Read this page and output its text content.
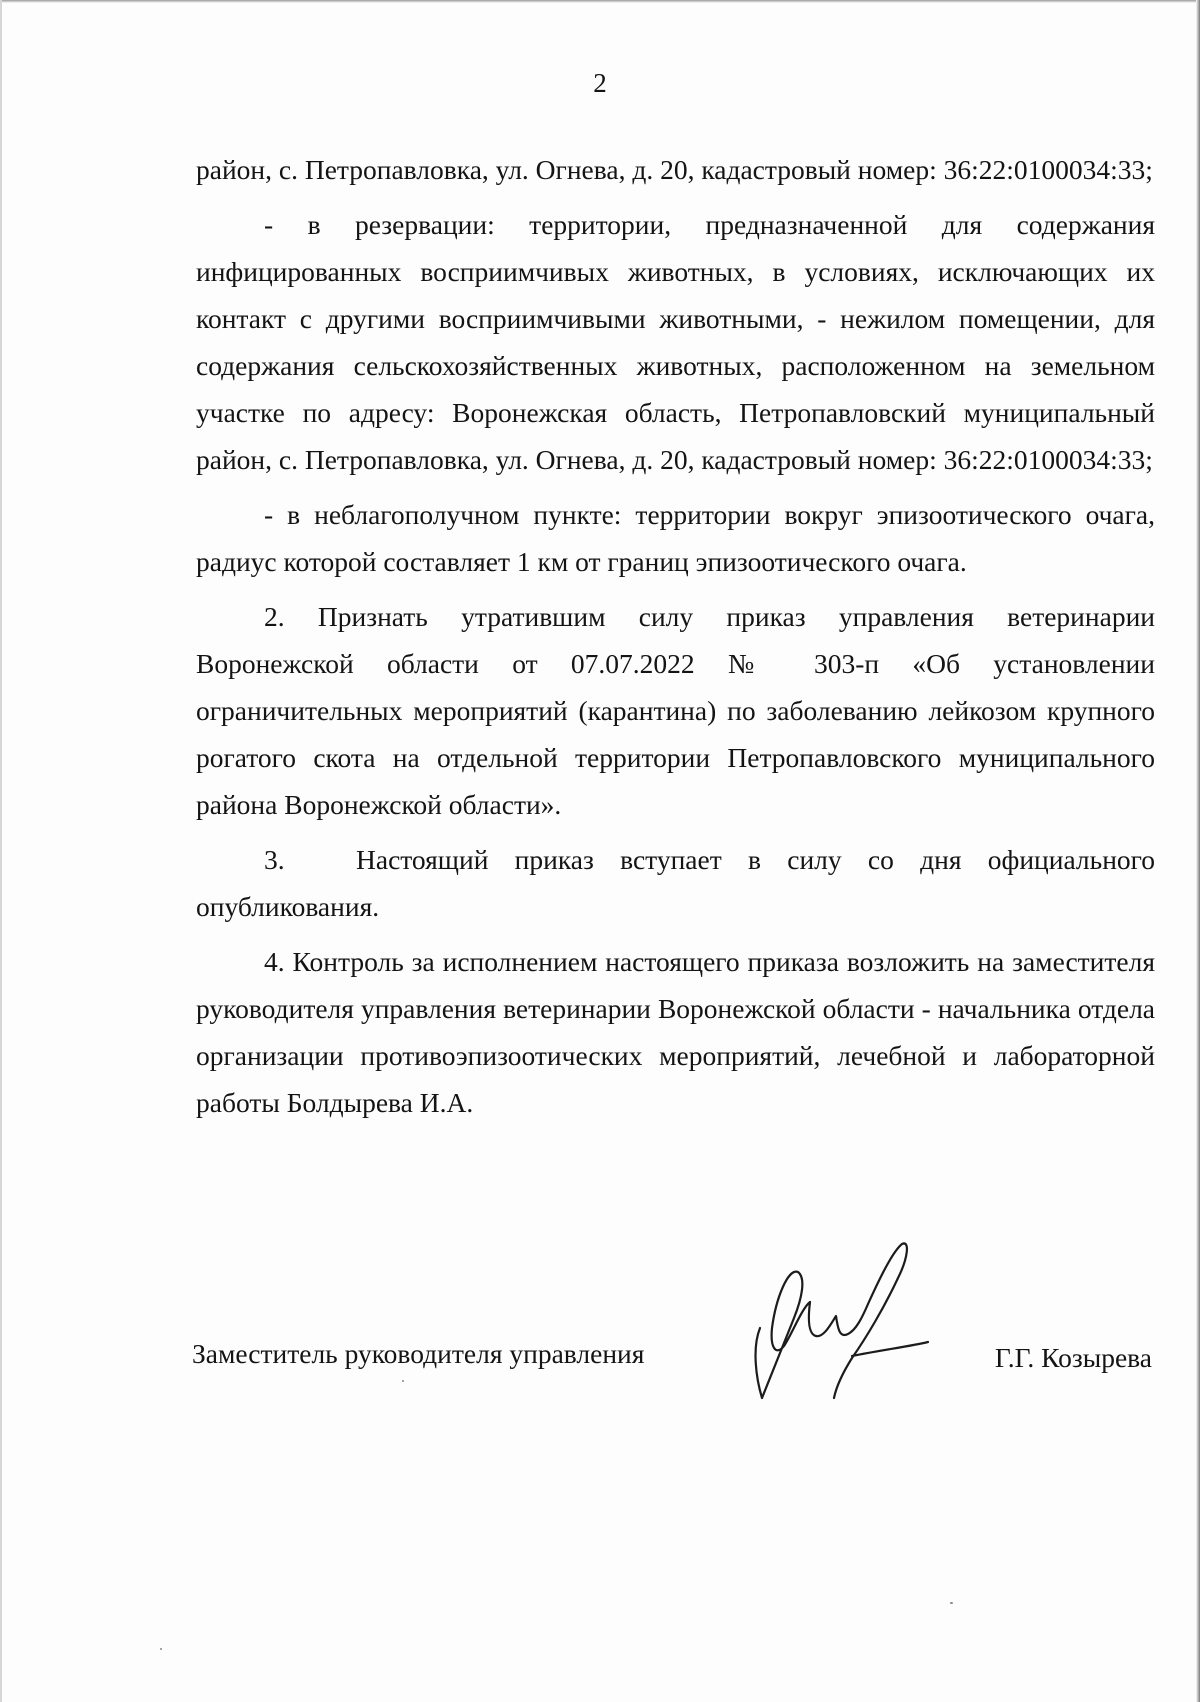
2

район, с. Петропавловка, ул. Огнева, д. 20, кадастровый номер: 36:22:0100034:33;

- в резервации: территории, предназначенной для содержания инфицированных восприимчивых животных, в условиях, исключающих их контакт с другими восприимчивыми животными, - нежилом помещении, для содержания сельскохозяйственных животных, расположенном на земельном участке по адресу: Воронежская область, Петропавловский муниципальный район, с. Петропавловка, ул. Огнева, д. 20, кадастровый номер: 36:22:0100034:33;

- в неблагополучном пункте: территории вокруг эпизоотического очага, радиус которой составляет 1 км от границ эпизоотического очага.

2. Признать утратившим силу приказ управления ветеринарии Воронежской области от 07.07.2022 № 303-п «Об установлении ограничительных мероприятий (карантина) по заболеванию лейкозом крупного рогатого скота на отдельной территории Петропавловского муниципального района Воронежской области».

3.	Настоящий приказ вступает в силу со дня официального опубликования.

4. Контроль за исполнением настоящего приказа возложить на заместителя руководителя управления ветеринарии Воронежской области - начальника отдела организации противоэпизоотических мероприятий, лечебной и лабораторной работы Болдырева И.А.

Заместитель руководителя управления	Г.Г. Козырева
